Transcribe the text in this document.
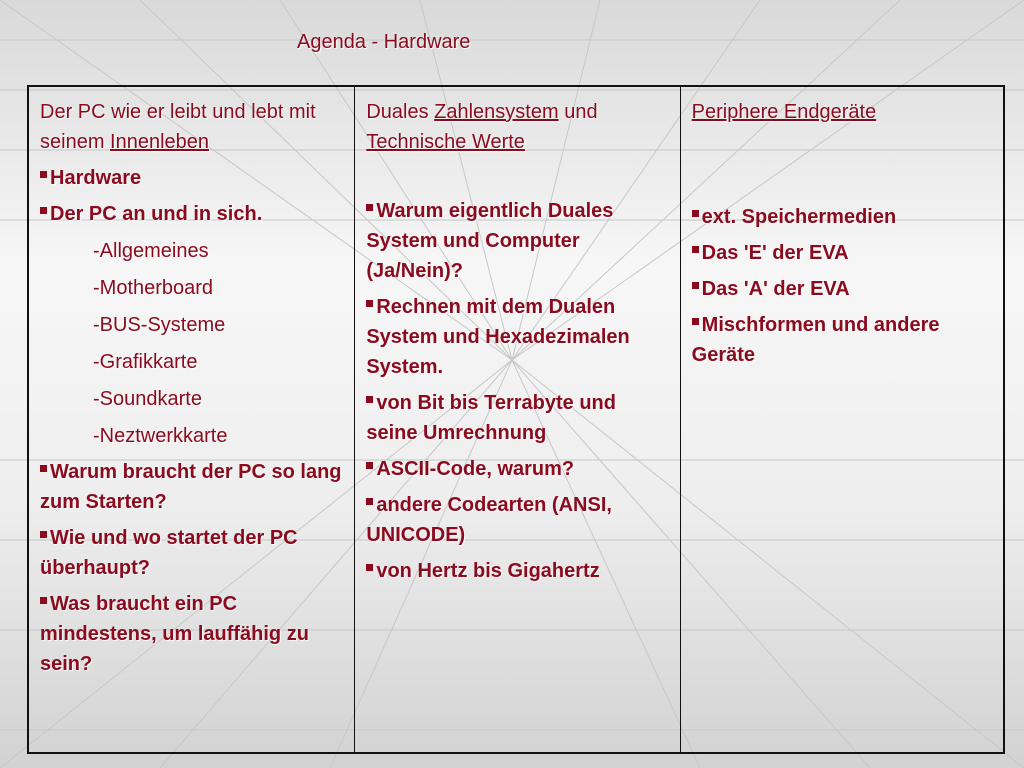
Agenda - Hardware
Der PC wie er leibt und lebt mit seinem Innenleben
Hardware
Der PC an und in sich.
-Allgemeines
-Motherboard
-BUS-Systeme
-Grafikkarte
-Soundkarte
-Neztwerkkarte
Warum braucht der PC so lang zum Starten?
Wie und wo startet der PC überhaupt?
Was braucht ein PC mindestens, um lauffähig zu sein?
Duales Zahlensystem und Technische Werte
Warum eigentlich Duales System und Computer (Ja/Nein)?
Rechnen mit dem Dualen System und Hexadezimalen System.
von Bit bis Terrabyte und seine Umrechnung
ASCII-Code, warum?
andere Codearten (ANSI, UNICODE)
von Hertz bis Gigahertz
Periphere Endgeräte
ext. Speichermedien
Das 'E' der EVA
Das 'A' der EVA
Mischformen und andere Geräte
